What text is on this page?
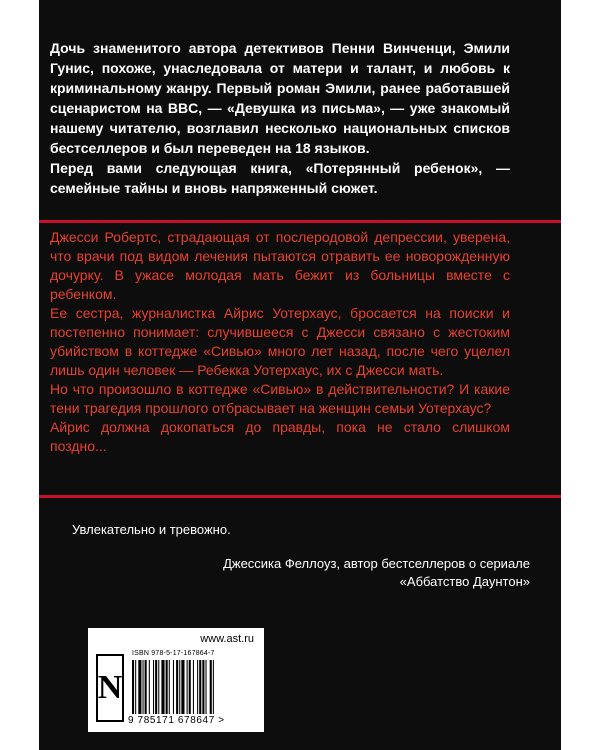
Дочь знаменитого автора детективов Пенни Винченци, Эмили Гунис, похоже, унаследовала от матери и талант, и любовь к криминальному жанру. Первый роман Эмили, ранее работавшей сценаристом на BBC, — «Девушка из письма», — уже знакомый нашему читателю, возглавил несколько национальных списков бестселлеров и был переведен на 18 языков.

Перед вами следующая книга, «Потерянный ребенок», — семейные тайны и вновь напряженный сюжет.

Джесси Робертс, страдающая от послеродовой депрессии, уверена, что врачи под видом лечения пытаются отравить ее новорожденную дочурку. В ужасе молодая мать бежит из больницы вместе с ребенком.

Ее сестра, журналистка Айрис Уотерхаус, бросается на поиски и постепенно понимает: случившееся с Джесси связано с жестоким убийством в коттедже «Сивью» много лет назад, после чего уцелел лишь один человек — Ребекка Уотерхаус, их с Джесси мать.

Но что произошло в коттедже «Сивью» в действительности? И какие тени трагедия прошлого отбрасывает на женщин семьи Уотерхаус?

Айрис должна докопаться до правды, пока не стало слишком поздно...

Увлекательно и тревожно.
Джессика Феллоуз, автор бестселлеров о сериале
«Аббатство Даунтон»
www.ast.ru
N
ISBN 978-5-17-167864-7
9 785171 678647 >
